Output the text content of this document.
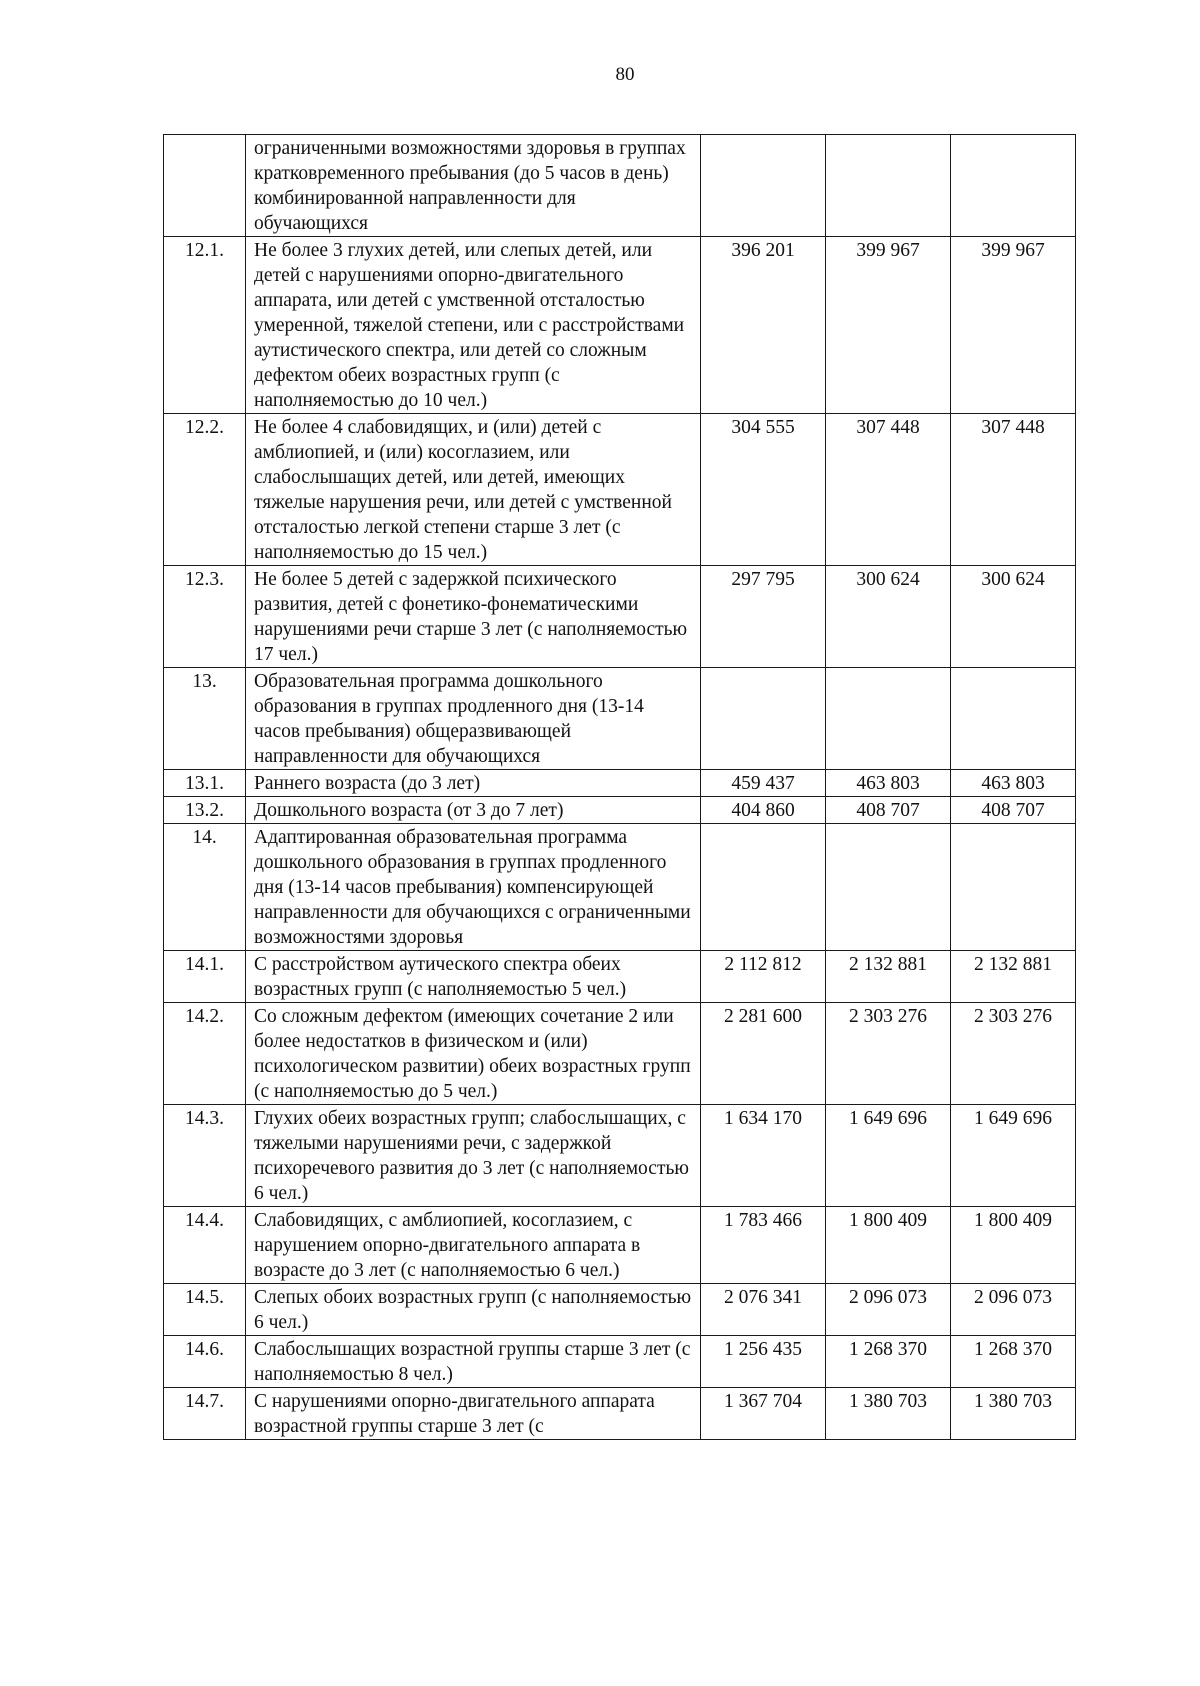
80
	ограниченными возможностями здоровья в группах кратковременного пребывания (до 5 часов в день) комбинированной направленности для обучающихся			
12.1.	Не более 3 глухих детей, или слепых детей, или детей с нарушениями опорно-двигательного аппарата, или детей с умственной отсталостью умеренной, тяжелой степени, или с расстройствами аутистического спектра, или детей со сложным дефектом обеих возрастных групп (с наполняемостью до 10 чел.)	396 201	399 967	399 967
12.2.	Не более 4 слабовидящих, и (или) детей с амблиопией, и (или) косоглазием, или слабослышащих детей, или детей, имеющих тяжелые нарушения речи, или детей с умственной отсталостью легкой степени старше 3 лет (с наполняемостью до 15 чел.)	304 555	307 448	307 448
12.3.	Не более 5 детей с задержкой психического развития, детей с фонетико-фонематическими нарушениями речи старше 3 лет (с наполняемостью 17 чел.)	297 795	300 624	300 624
13.	Образовательная программа дошкольного образования в группах продленного дня (13-14 часов пребывания) общеразвивающей направленности для обучающихся			
13.1.	Раннего возраста (до 3 лет)	459 437	463 803	463 803
13.2.	Дошкольного возраста (от 3 до 7 лет)	404 860	408 707	408 707
14.	Адаптированная образовательная программа дошкольного образования в группах продленного дня (13-14 часов пребывания) компенсирующей направленности для обучающихся с ограниченными возможностями здоровья			
14.1.	С расстройством аутического спектра обеих возрастных групп (с наполняемостью 5 чел.)	2 112 812	2 132 881	2 132 881
14.2.	Со сложным дефектом (имеющих сочетание 2 или более недостатков в физическом и (или) психологическом развитии) обеих возрастных групп (с наполняемостью до 5 чел.)	2 281 600	2 303 276	2 303 276
14.3.	Глухих обеих возрастных групп; слабослышащих, с тяжелыми нарушениями речи, с задержкой психоречевого развития до 3 лет (с наполняемостью 6 чел.)	1 634 170	1 649 696	1 649 696
14.4.	Слабовидящих, с амблиопией, косоглазием, с нарушением опорно-двигательного аппарата в возрасте до 3 лет (с наполняемостью 6 чел.)	1 783 466	1 800 409	1 800 409
14.5.	Слепых обоих возрастных групп (с наполняемостью 6 чел.)	2 076 341	2 096 073	2 096 073
14.6.	Слабослышащих возрастной группы старше 3 лет (с наполняемостью 8 чел.)	1 256 435	1 268 370	1 268 370
14.7.	С нарушениями опорно-двигательного аппарата возрастной группы старше 3 лет (с	1 367 704	1 380 703	1 380 703
